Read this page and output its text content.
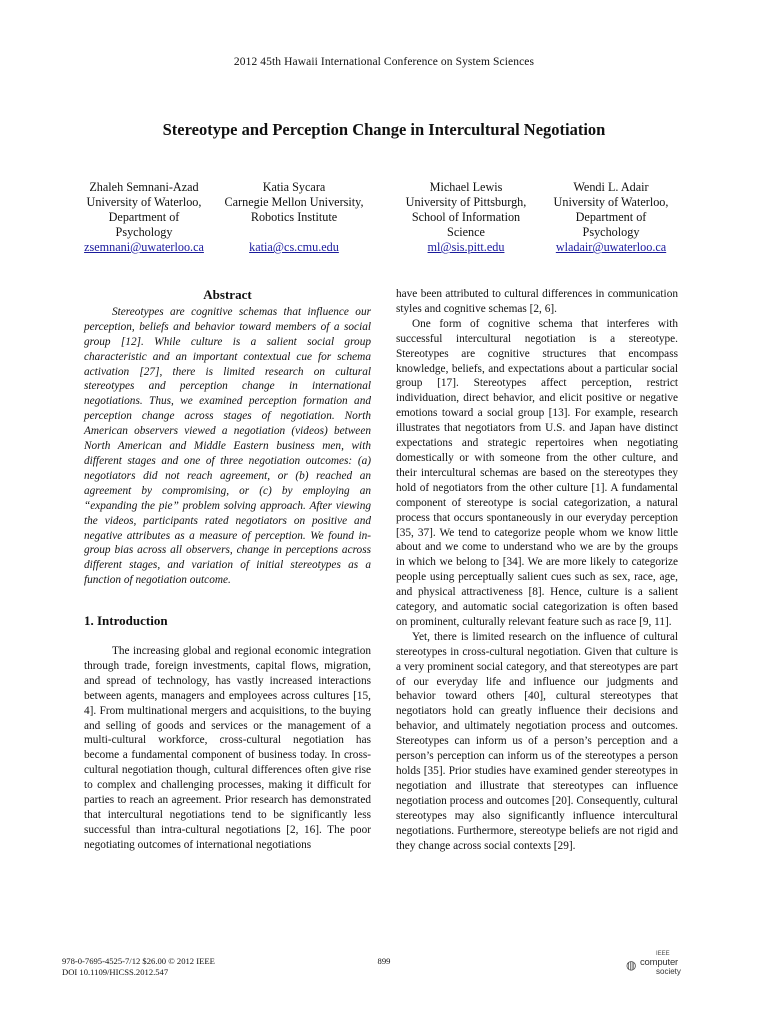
2012 45th Hawaii International Conference on System Sciences
Stereotype and Perception Change in Intercultural Negotiation
Zhaleh Semnani-Azad
University of Waterloo,
Department of
Psychology
zsemnani@uwaterloo.ca
Katia Sycara
Carnegie Mellon University,
Robotics Institute
katia@cs.cmu.edu
Michael Lewis
University of Pittsburgh,
School of Information
Science
ml@sis.pitt.edu
Wendi L. Adair
University of Waterloo,
Department of
Psychology
wladair@uwaterloo.ca
Abstract

Stereotypes are cognitive schemas that influence our perception, beliefs and behavior toward members of a social group [12]. While culture is a salient social group characteristic and an important contextual cue for schema activation [27], there is limited research on cultural stereotypes and perception change in international negotiations. Thus, we examined perception formation and perception change across stages of negotiation. North American observers viewed a negotiation (videos) between North American and Middle Eastern business men, with different stages and one of three negotiation outcomes: (a) negotiators did not reach agreement, or (b) reached an agreement by compromising, or (c) by employing an “expanding the pie” problem solving approach. After viewing the videos, participants rated negotiators on positive and negative attributes as a measure of perception. We found in-group bias across all observers, change in perceptions across different stages, and variation of initial stereotypes as a function of negotiation outcome.

1. Introduction

The increasing global and regional economic integration through trade, foreign investments, capital flows, migration, and spread of technology, has vastly increased interactions between agents, managers and employees across cultures [15, 4]. From multinational mergers and acquisitions, to the buying and selling of goods and services or the management of a multi-cultural workforce, cross-cultural negotiation has become a fundamental component of business today. In cross-cultural negotiation though, cultural differences often give rise to complex and challenging processes, making it difficult for parties to reach an agreement. Prior research has demonstrated that intercultural negotiations tend to be significantly less successful than intra-cultural negotiations [2, 16]. The poor negotiating outcomes of international negotiations

have been attributed to cultural differences in communication styles and cognitive schemas [2, 6].

One form of cognitive schema that interferes with successful intercultural negotiation is a stereotype. Stereotypes are cognitive structures that encompass knowledge, beliefs, and expectations about a particular social group [17]. Stereotypes affect perception, restrict individuation, direct behavior, and elicit positive or negative emotions toward a social group [13]. For example, research illustrates that negotiators from U.S. and Japan have distinct expectations and strategic repertoires when negotiating domestically or with someone from the other culture, and their intercultural schemas are based on the stereotypes they hold of negotiators from the other culture [1]. A fundamental component of stereotype is social categorization, a natural process that occurs spontaneously in our everyday perception [35, 37]. We tend to categorize people whom we know little about and we come to understand who we are by the groups in which we belong to [34]. We are more likely to categorize people using perceptually salient cues such as sex, race, age, and physical attractiveness [8]. Hence, culture is a salient category, and automatic social categorization is often based on prominent, culturally relevant feature such as race [9, 11].

Yet, there is limited research on the influence of cultural stereotypes in cross-cultural negotiation. Given that culture is a very prominent social category, and that stereotypes are part of our everyday life and influence our judgments and behavior toward others [40], cultural stereotypes that negotiators hold can greatly influence their decisions and behavior, and ultimately negotiation process and outcomes. Stereotypes can inform us of a person’s perception and a person’s perception can inform us of the stereotypes a person holds [35]. Prior studies have examined gender stereotypes in negotiation and illustrate that stereotypes can influence negotiation process and outcomes [20]. Consequently, cultural stereotypes may also significantly influence intercultural negotiations. Furthermore, stereotype beliefs are not rigid and they change across social contexts [29].

978-0-7695-4525-7/12 $26.00 © 2012 IEEE
DOI 10.1109/HICSS.2012.547
899	◍
IEEE
computer
society
